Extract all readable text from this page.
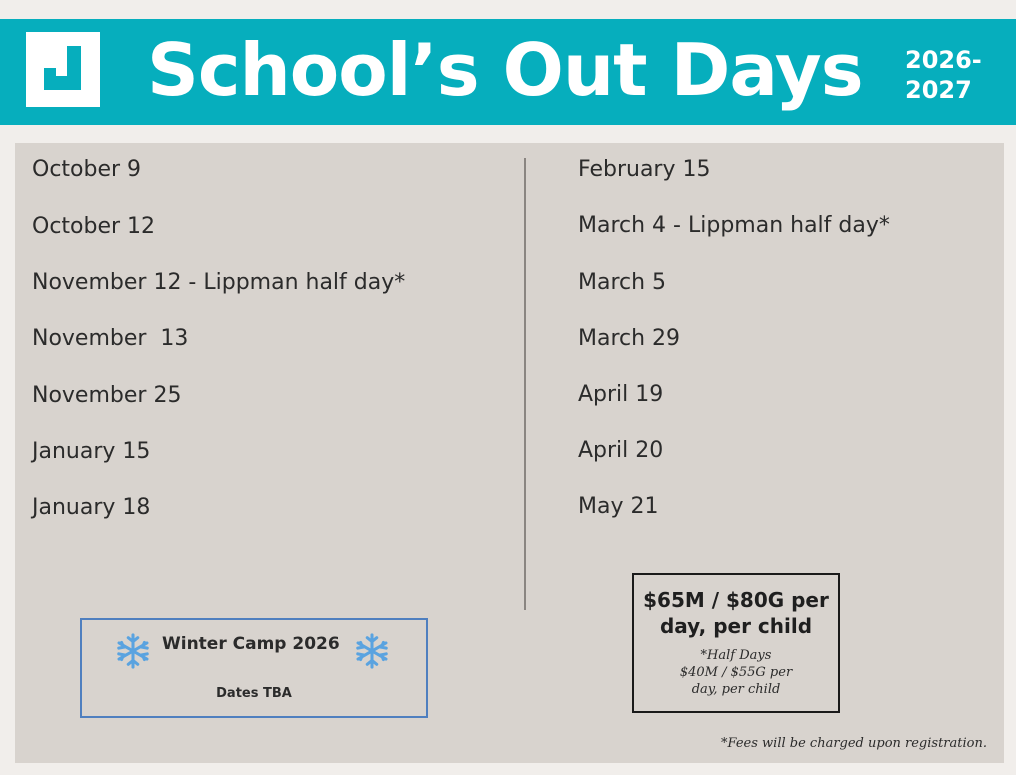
School’s Out Days 2026-
2027
October 9
October 12
November 12 - Lippman half day*
November  13
November 25
January 15
January 18
February 15
March 4 - Lippman half day*
March 5
March 29
April 19
April 20
May 21
Winter Camp 2026
Dates TBA
$65M / $80G per
day, per child
*Half Days
$40M / $55G per
day, per child
*Fees will be charged upon registration.
